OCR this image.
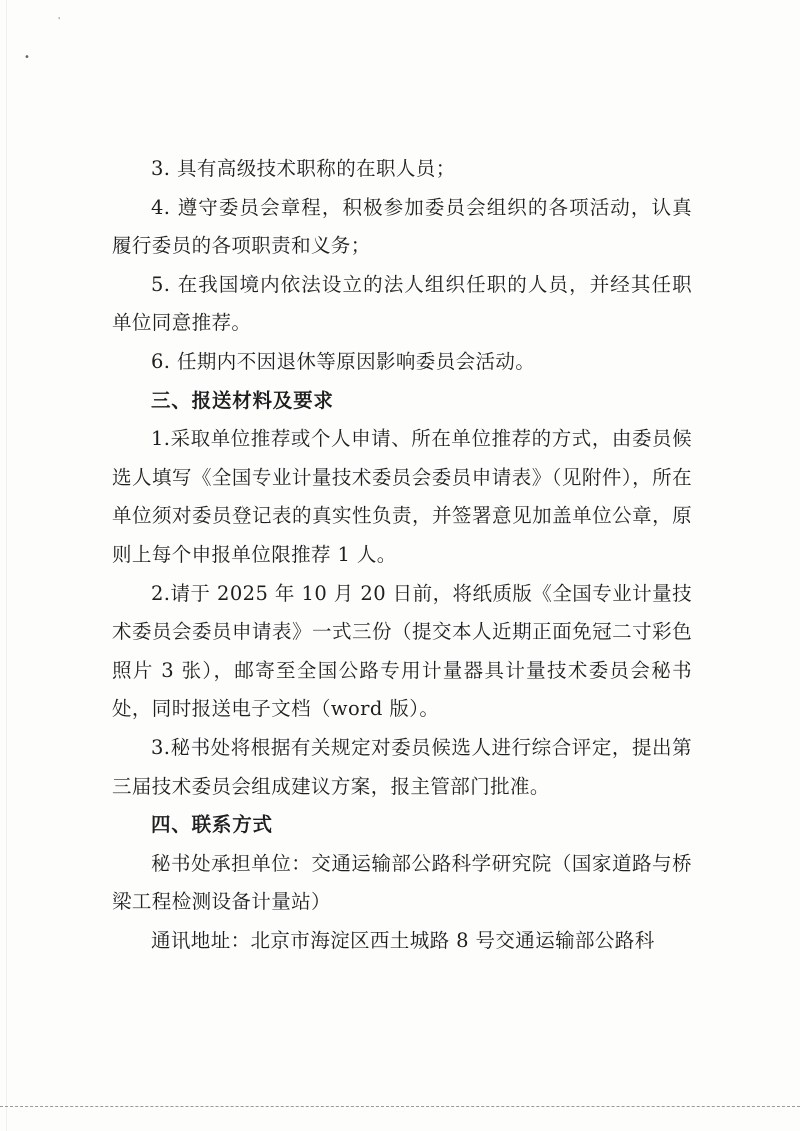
'
•

3. 具有高级技术职称的在职人员；

4. 遵守委员会章程，积极参加委员会组织的各项活动，认真履行委员的各项职责和义务；

5. 在我国境内依法设立的法人组织任职的人员，并经其任职单位同意推荐。

6. 任期内不因退休等原因影响委员会活动。

三、报送材料及要求

1.采取单位推荐或个人申请、所在单位推荐的方式，由委员候选人填写《全国专业计量技术委员会委员申请表》（见附件），所在单位须对委员登记表的真实性负责，并签署意见加盖单位公章，原则上每个申报单位限推荐 1 人。

2.请于 2025 年 10 月 20 日前，将纸质版《全国专业计量技术委员会委员申请表》一式三份（提交本人近期正面免冠二寸彩色照片 3 张），邮寄至全国公路专用计量器具计量技术委员会秘书处，同时报送电子文档（word 版）。

3.秘书处将根据有关规定对委员候选人进行综合评定，提出第三届技术委员会组成建议方案，报主管部门批准。

四、联系方式

秘书处承担单位：交通运输部公路科学研究院（国家道路与桥梁工程检测设备计量站）

通讯地址：北京市海淀区西土城路 8 号交通运输部公路科
